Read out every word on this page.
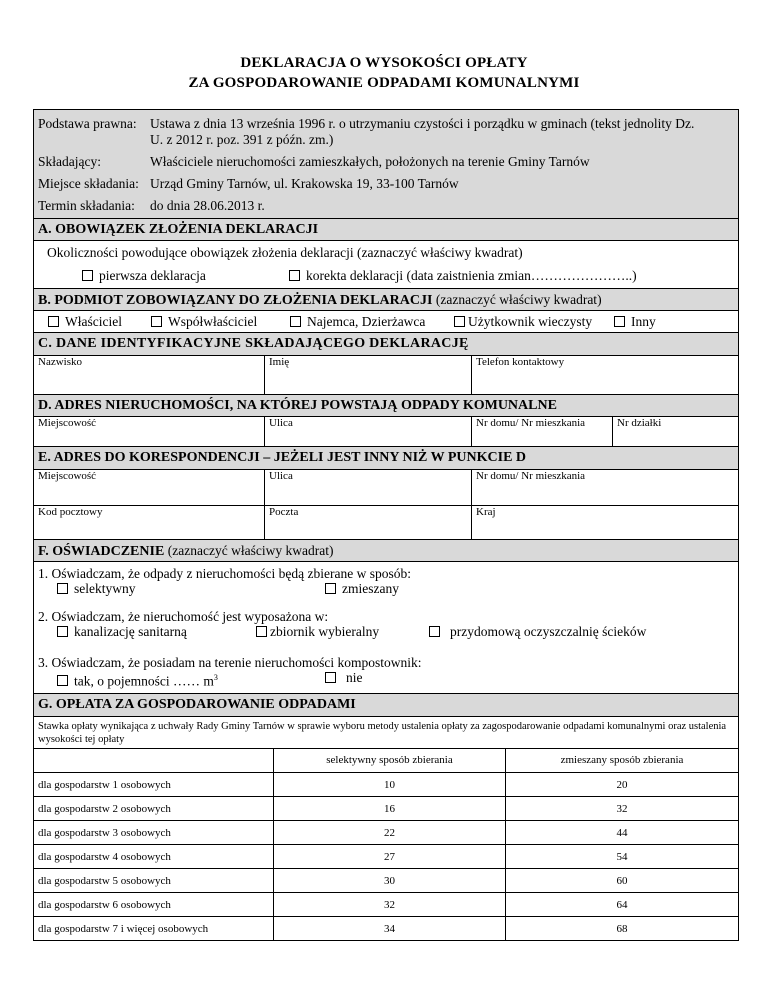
DEKLARACJA O WYSOKOŚCI OPŁATY
ZA GOSPODAROWANIE ODPADAMI KOMUNALNYMI
Podstawa prawna: Ustawa z dnia 13 września 1996 r. o utrzymaniu czystości i porządku w gminach (tekst jednolity Dz.
U. z 2012 r. poz. 391 z późn. zm.)
Składający:	Właściciele nieruchomości zamieszkałych, położonych na terenie Gminy Tarnów
Miejsce składania: Urząd Gminy Tarnów, ul. Krakowska 19, 33-100 Tarnów
Termin składania: do dnia 28.06.2013 r.
A. OBOWIĄZEK ZŁOŻENIA DEKLARACJI
Okoliczności powodujące obowiązek złożenia deklaracji (zaznaczyć właściwy kwadrat)
pierwsza deklaracja	korekta deklaracji (data zaistnienia zmian…………………..)
B. PODMIOT ZOBOWIĄZANY DO ZŁOŻENIA DEKLARACJI (zaznaczyć właściwy kwadrat)
Właściciel	Współwłaściciel	Najemca, Dzierżawca	Użytkownik wieczysty	Inny
C. DANE IDENTYFIKACYJNE SKŁADAJĄCEGO DEKLARACJĘ
Nazwisko	Imię	Telefon kontaktowy
D. ADRES NIERUCHOMOŚCI, NA KTÓREJ POWSTAJĄ ODPADY KOMUNALNE
Miejscowość	Ulica	Nr domu/ Nr mieszkania	Nr działki
E. ADRES DO KORESPONDENCJI – JEŻELI JEST INNY NIŻ W PUNKCIE D
Miejscowość	Ulica	Nr domu/ Nr mieszkania
Kod pocztowy	Poczta	Kraj
F. OŚWIADCZENIE (zaznaczyć właściwy kwadrat)
1. Oświadczam, że odpady z nieruchomości będą zbierane w sposób:
selektywny	zmieszany
2. Oświadczam, że nieruchomość jest wyposażona w:
kanalizację sanitarną	zbiornik wybieralny	przydomową oczyszczalnię ścieków
3. Oświadczam, że posiadam na terenie nieruchomości kompostownik:
tak, o pojemności …… $m^3$	nie
G. OPŁATA ZA GOSPODAROWANIE ODPADAMI
Stawka opłaty wynikająca z uchwały Rady Gminy Tarnów w sprawie wyboru metody ustalenia opłaty za zagospodarowanie odpadami komunalnymi oraz ustalenia wysokości tej opłaty
	selektywny sposób zbierania	zmieszany sposób zbierania
dla gospodarstw 1 osobowych	10	20
dla gospodarstw 2 osobowych	16	32
dla gospodarstw 3 osobowych	22	44
dla gospodarstw 4 osobowych	27	54
dla gospodarstw 5 osobowych	30	60
dla gospodarstw 6 osobowych	32	64
dla gospodarstw 7 i więcej osobowych	34	68
